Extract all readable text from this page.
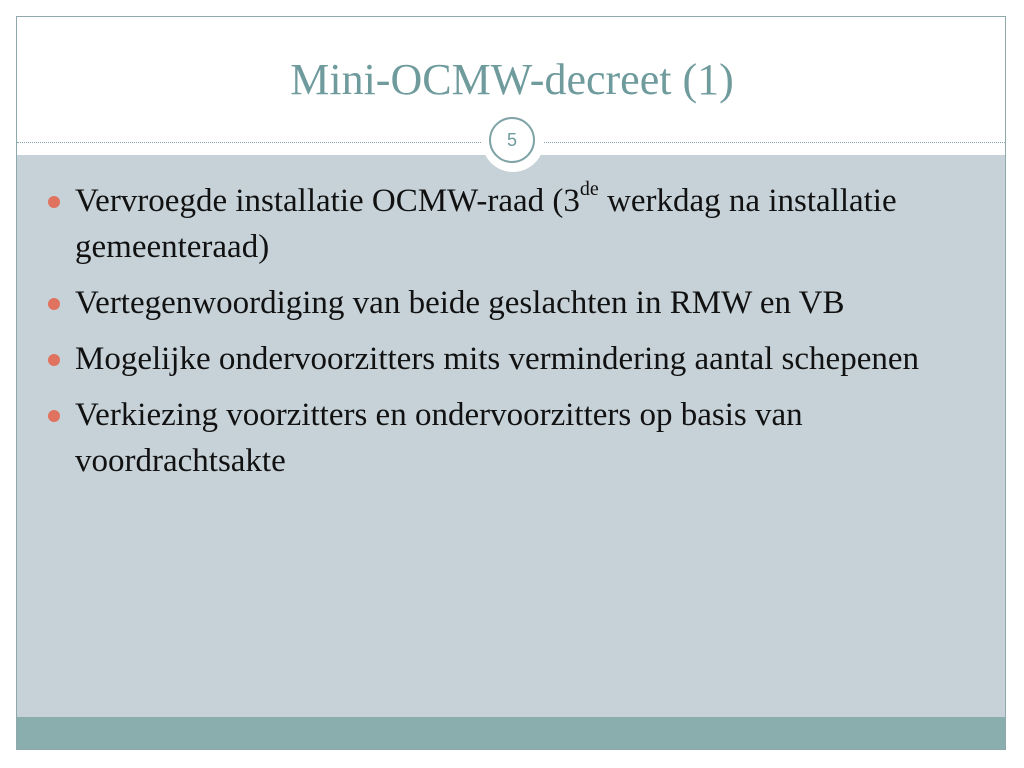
Mini-OCMW-decreet (1)
5
Vervroegde installatie OCMW-raad (3de werkdag na installatie gemeenteraad)
Vertegenwoordiging van beide geslachten in RMW en VB
Mogelijke ondervoorzitters mits vermindering aantal schepenen
Verkiezing voorzitters en ondervoorzitters op basis van voordrachtsakte
